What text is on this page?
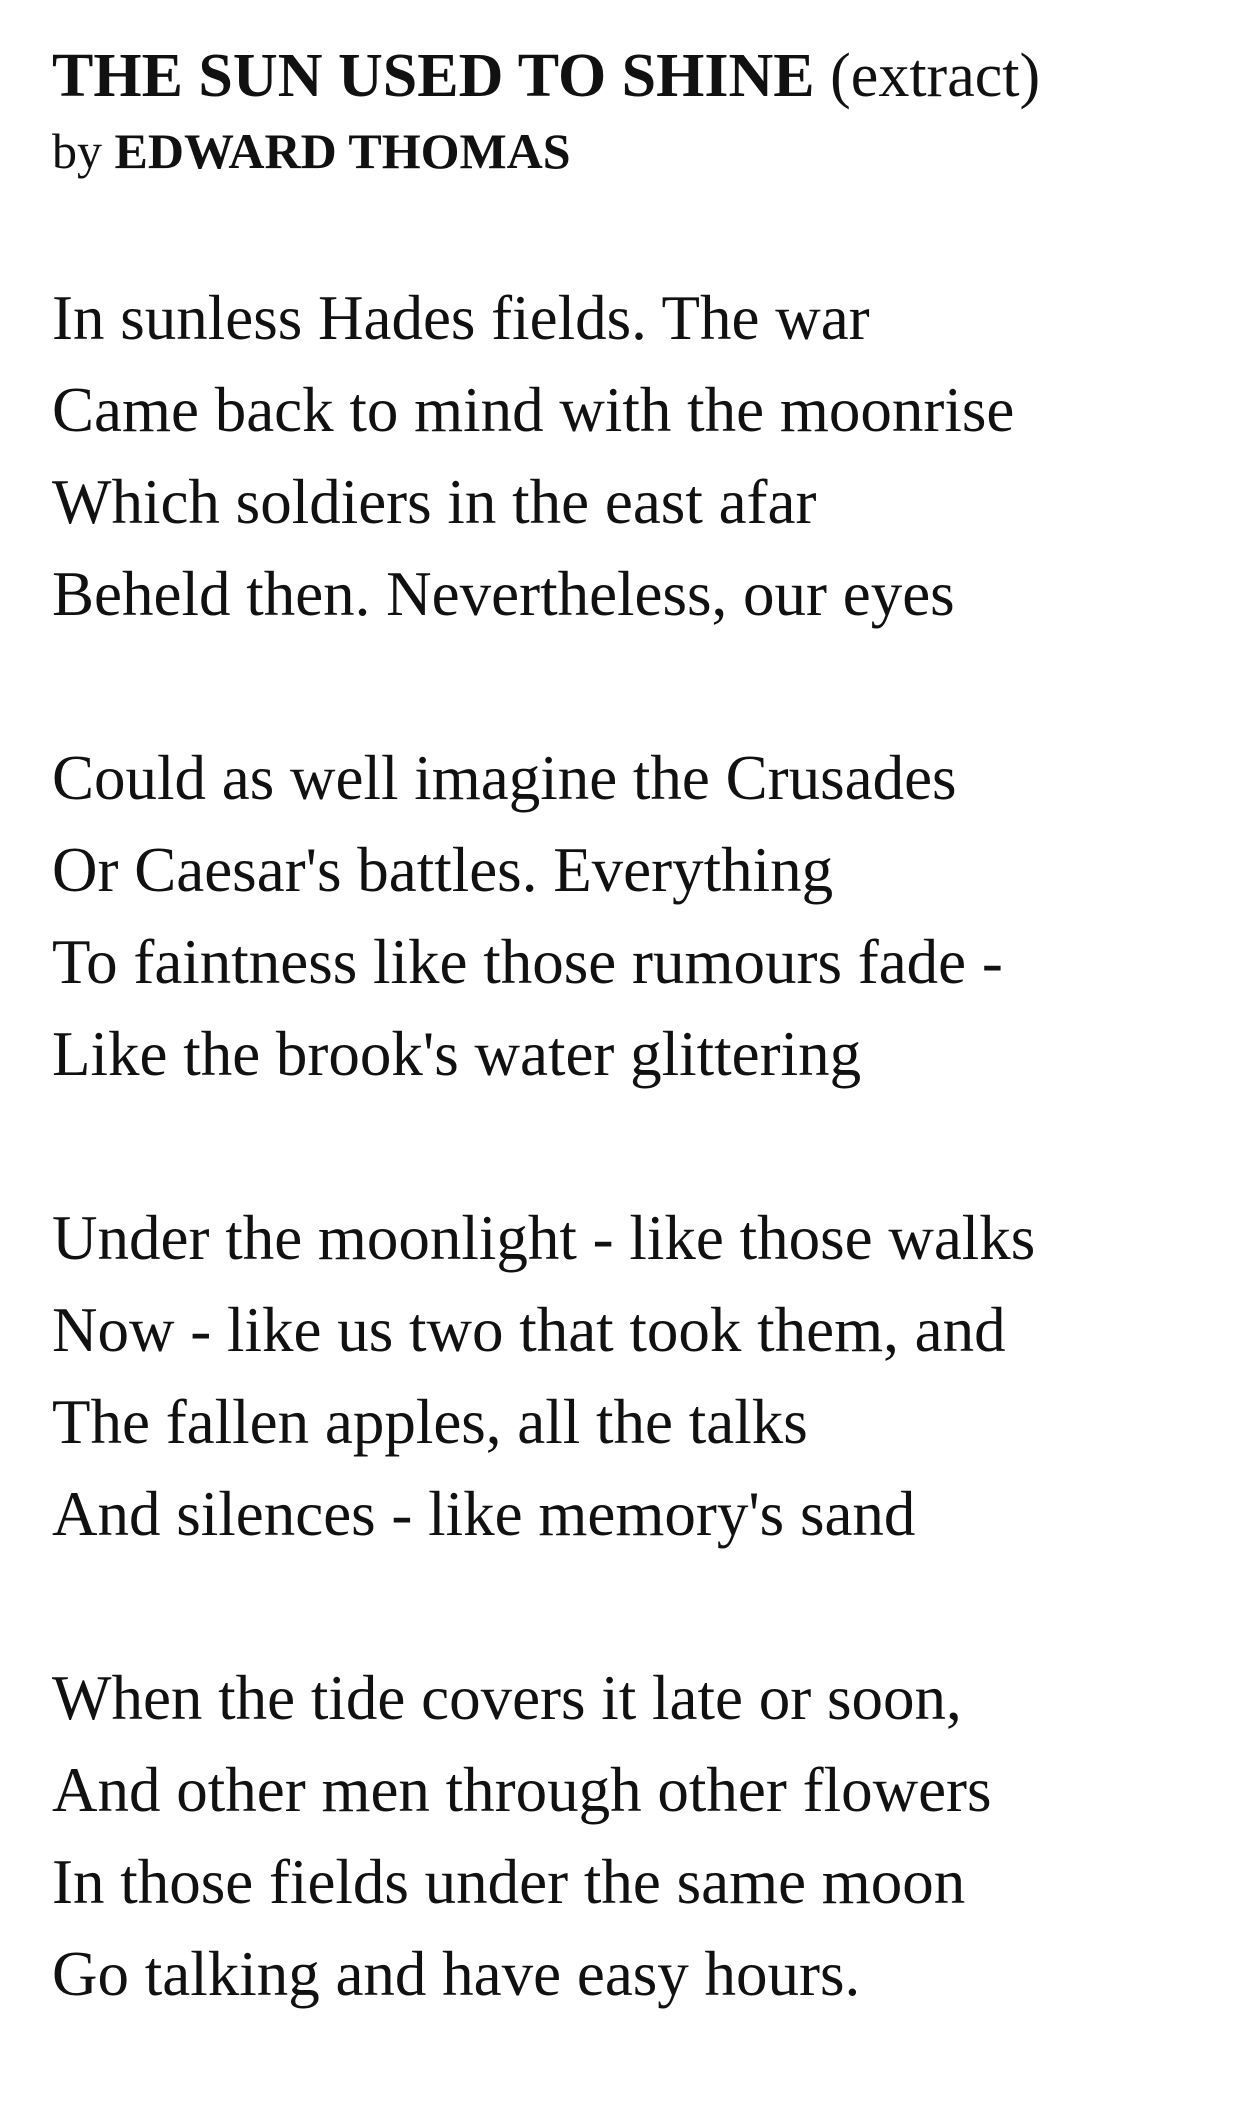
THE SUN USED TO SHINE (extract)
by EDWARD THOMAS
In sunless Hades fields. The war
Came back to mind with the moonrise
Which soldiers in the east afar
Beheld then. Nevertheless, our eyes
Could as well imagine the Crusades
Or Caesar's battles. Everything
To faintness like those rumours fade -
Like the brook's water glittering
Under the moonlight - like those walks
Now - like us two that took them, and
The fallen apples, all the talks
And silences - like memory's sand
When the tide covers it late or soon,
And other men through other flowers
In those fields under the same moon
Go talking and have easy hours.
